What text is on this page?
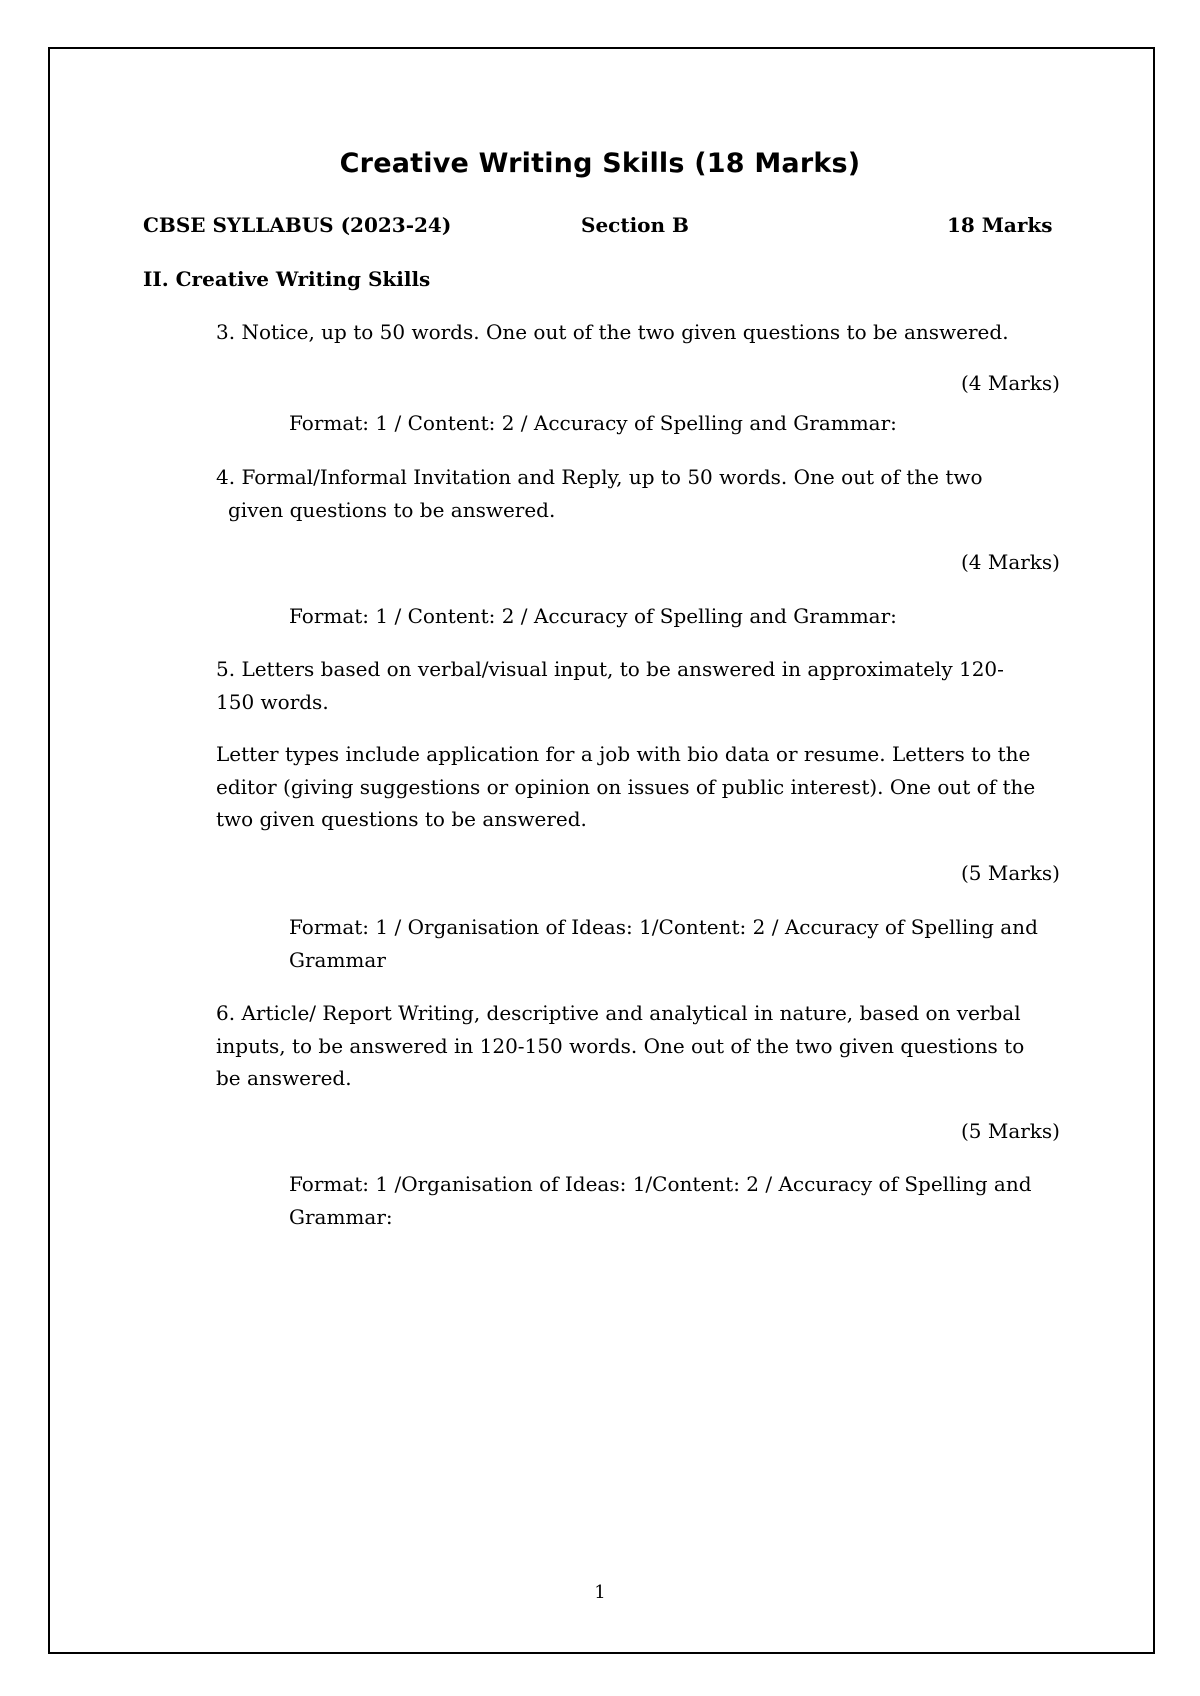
Creative Writing Skills (18 Marks)
CBSE SYLLABUS (2023-24)	Section B	18 Marks
II. Creative Writing Skills
3. Notice, up to 50 words. One out of the two given questions to be answered.
(4 Marks)
Format: 1 / Content: 2 / Accuracy of Spelling and Grammar:
4. Formal/Informal Invitation and Reply, up to 50 words. One out of the two
given questions to be answered.
(4 Marks)
Format: 1 / Content: 2 / Accuracy of Spelling and Grammar:
5. Letters based on verbal/visual input, to be answered in approximately 120-
150 words.
Letter types include application for a job with bio data or resume. Letters to the
editor (giving suggestions or opinion on issues of public interest). One out of the
two given questions to be answered.
(5 Marks)
Format: 1 / Organisation of Ideas: 1/Content: 2 / Accuracy of Spelling and
Grammar
6. Article/ Report Writing, descriptive and analytical in nature, based on verbal
inputs, to be answered in 120-150 words. One out of the two given questions to
be answered.
(5 Marks)
Format: 1 /Organisation of Ideas: 1/Content: 2 / Accuracy of Spelling and
Grammar:
1
